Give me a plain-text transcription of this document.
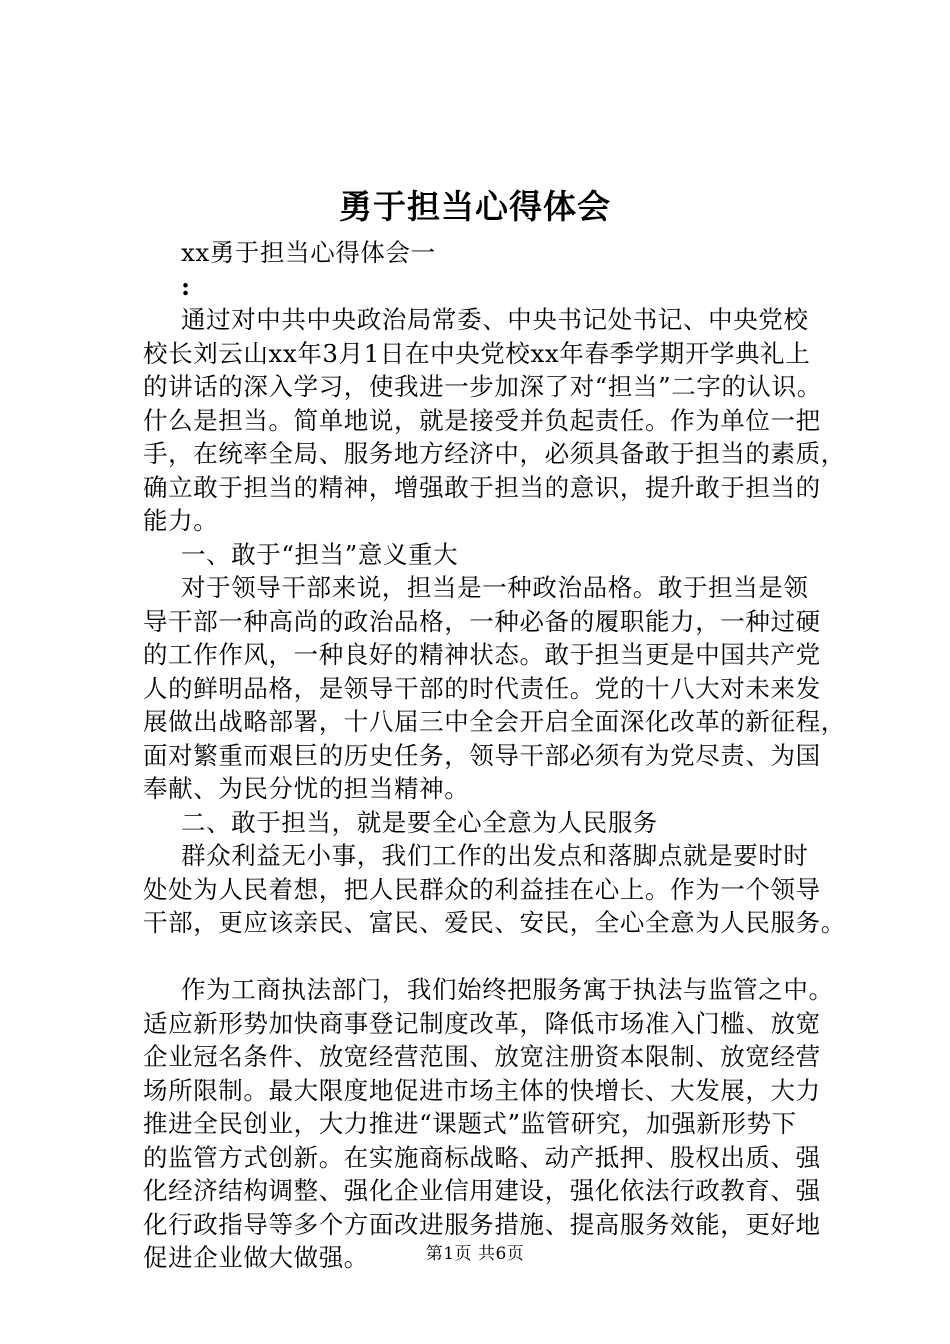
勇于担当心得体会
xx勇于担当心得体会一
:
通过对中共中央政治局常委、中央书记处书记、中央党校
校长刘云山xx年3月1日在中央党校xx年春季学期开学典礼上
的讲话的深入学习，使我进一步加深了对“担当”二字的认识。
什么是担当。简单地说，就是接受并负起责任。作为单位一把
手，在统率全局、服务地方经济中，必须具备敢于担当的素质，
确立敢于担当的精神，增强敢于担当的意识，提升敢于担当的
能力。
一、敢于“担当”意义重大
对于领导干部来说，担当是一种政治品格。敢于担当是领
导干部一种高尚的政治品格，一种必备的履职能力，一种过硬
的工作作风，一种良好的精神状态。敢于担当更是中国共产党
人的鲜明品格，是领导干部的时代责任。党的十八大对未来发
展做出战略部署，十八届三中全会开启全面深化改革的新征程，
面对繁重而艰巨的历史任务，领导干部必须有为党尽责、为国
奉献、为民分忧的担当精神。
二、敢于担当，就是要全心全意为人民服务
群众利益无小事，我们工作的出发点和落脚点就是要时时
处处为人民着想，把人民群众的利益挂在心上。作为一个领导
干部，更应该亲民、富民、爱民、安民，全心全意为人民服务。
作为工商执法部门，我们始终把服务寓于执法与监管之中。
适应新形势加快商事登记制度改革，降低市场准入门槛、放宽
企业冠名条件、放宽经营范围、放宽注册资本限制、放宽经营
场所限制。最大限度地促进市场主体的快增长、大发展，大力
推进全民创业，大力推进“课题式”监管研究，加强新形势下
的监管方式创新。在实施商标战略、动产抵押、股权出质、强
化经济结构调整、强化企业信用建设，强化依法行政教育、强
化行政指导等多个方面改进服务措施、提高服务效能，更好地
促进企业做大做强。	第1页 共6页
